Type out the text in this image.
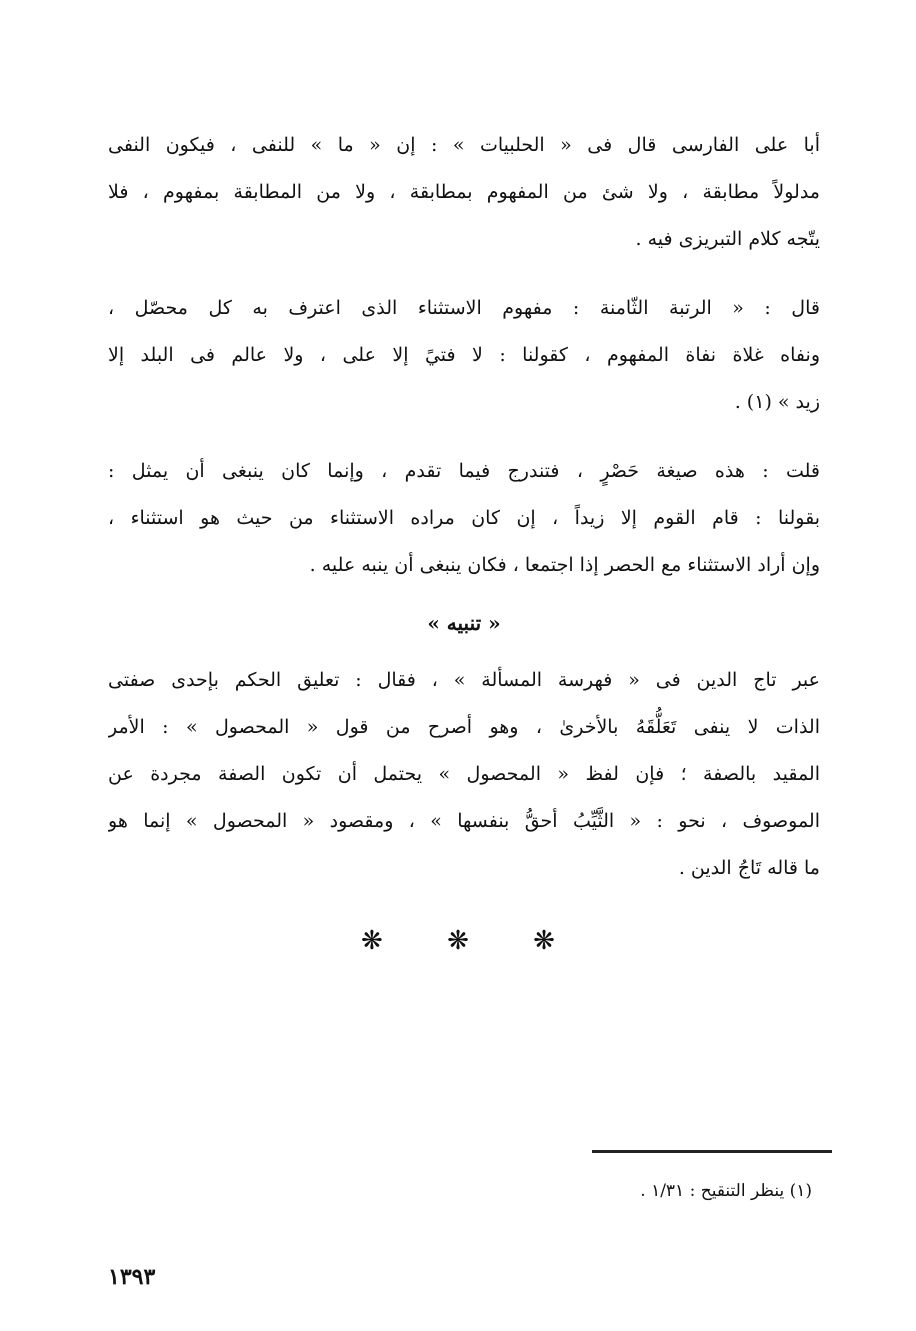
أبا على الفارسى قال فى « الحلبيات » : إن « ما » للنفى ، فيكون النفى
مدلولاً مطابقة ، ولا شئ من المفهوم بمطابقة ، ولا من المطابقة بمفهوم ، فلا
يتّجه كلام التبريزى فيه .
قال : « الرتبة الثّامنة : مفهوم الاستثناء الذى اعترف به كل محصّل ،
ونفاه غلاة نفاة المفهوم ، كقولنا : لا فتيً إلا على ، ولا عالم فى البلد إلا
زيد » (١) .
قلت : هذه صيغة حَصْرٍ ، فتندرج فيما تقدم ، وإنما كان ينبغى أن يمثل :
بقولنا : قام القوم إلا زيداً ، إن كان مراده الاستثناء من حيث هو استثناء ،
وإن أراد الاستثناء مع الحصر إذا اجتمعا ، فكان ينبغى أن ينبه عليه .
« تنبيه »
عبر تاج الدين فى « فهرسة المسألة » ، فقال : تعليق الحكم بإحدى صفتى
الذات لا ينفى تَعَلُّقَهُ بالأخرىٰ ، وهو أصرح من قول « المحصول » : الأمر
المقيد بالصفة ؛ فإن لفظ « المحصول » يحتمل أن تكون الصفة مجردة عن
الموصوف ، نحو : « الثَّيِّبُ أحقُّ بنفسها » ، ومقصود « المحصول » إنما هو
ما قاله تَاجُ الدين .
❋ ❋ ❋
(١) ينظر التنقيح : ١/٣١ .
١٣٩٣
